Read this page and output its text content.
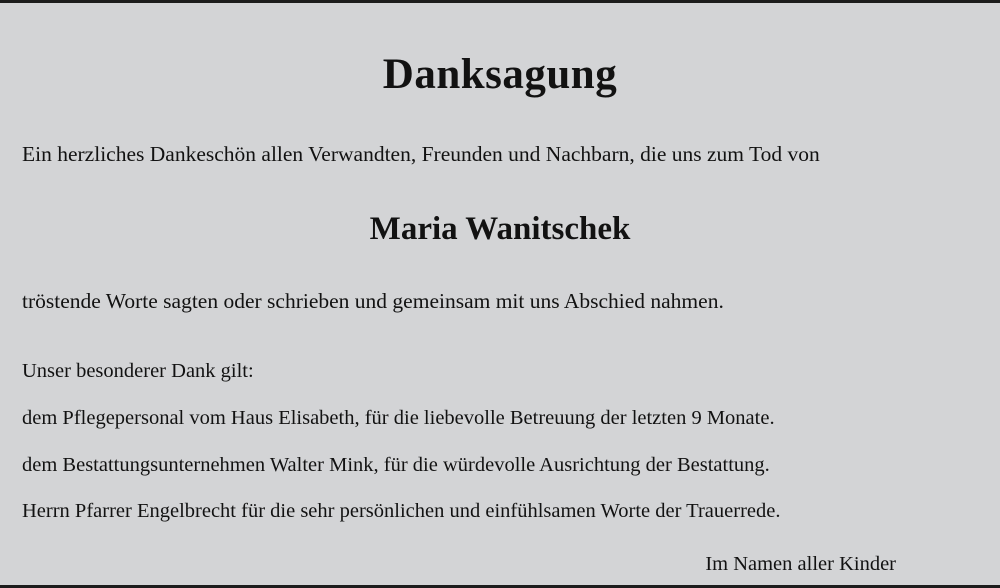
Danksagung

Ein herzliches Dankeschön allen Verwandten, Freunden und Nachbarn, die uns zum Tod von

Maria Wanitschek

tröstende Worte sagten oder schrieben und gemeinsam mit uns Abschied nahmen.

Unser besonderer Dank gilt:

dem Pflegepersonal vom Haus Elisabeth, für die liebevolle Betreuung der letzten 9 Monate.
dem Bestattungsunternehmen Walter Mink, für die würdevolle Ausrichtung der Bestattung.
Herrn Pfarrer Engelbrecht für die sehr persönlichen und einfühlsamen Worte der Trauerrede.

Im Namen aller Kinder
